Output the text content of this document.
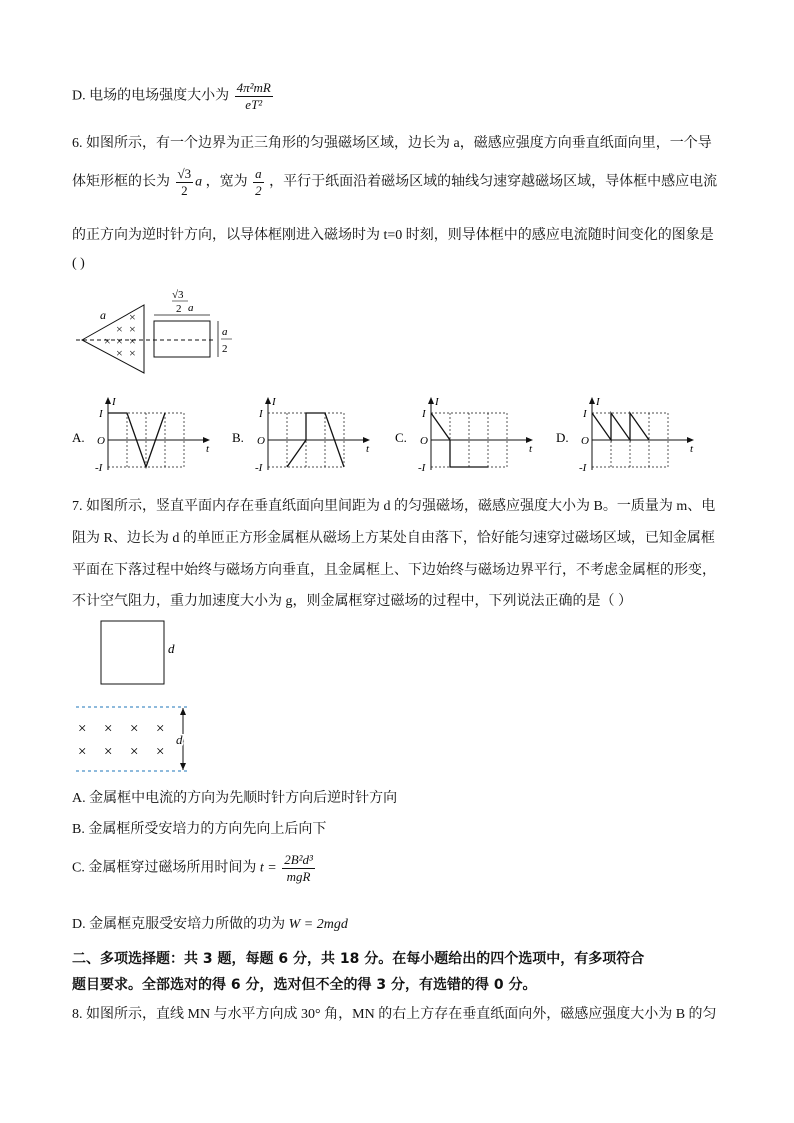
D. 电场的电场强度大小为 $\frac{\text{4π²mR}}{\text{eT²}}$
6. 如图所示，有一个边界为正三角形的匀强磁场区域，边长为 a，磁感应强度方向垂直纸面向里，一个导
体矩形框的长为 $\frac{√3}{2}$ a ，宽为 $\frac{a}{2}$ ，平行于纸面沿着磁场区域的轴线匀速穿越磁场区域，导体框中感应电流
的正方向为逆时针方向，以导体框刚进入磁场时为 t=0 时刻，则导体框中的感应电流随时间变化的图象是
( )
a ×
× ×
× × ×
× ×
√3
2 a
a
2
A.
I
t
I
O
-I
B.
I
t
I
O
-I
C.
I
t
I
O
-I
D.
I
t
I
O
-I
7. 如图所示，竖直平面内存在垂直纸面向里间距为 d 的匀强磁场，磁感应强度大小为 B。一质量为 m、电
阻为 R、边长为 d 的单匝正方形金属框从磁场上方某处自由落下，恰好能匀速穿过磁场区域，已知金属框
平面在下落过程中始终与磁场方向垂直，且金属框上、下边始终与磁场边界平行，不考虑金属框的形变，
不计空气阻力，重力加速度大小为 g，则金属框穿过磁场的过程中，下列说法正确的是（ ）
d
× × × ×
× × × ×
d
A. 金属框中电流的方向为先顺时针方向后逆时针方向
B. 金属框所受安培力的方向先向上后向下
C. 金属框穿过磁场所用时间为 $t = \frac{\text{2B²d³}}{\text{mgR}}$
D. 金属框克服受安培力所做的功为 W = 2mgd
二、多项选择题：共 3 题，每题 6 分，共 18 分。在每小题给出的四个选项中，有多项符合
题目要求。全部选对的得 6 分，选对但不全的得 3 分，有选错的得 0 分。
8. 如图所示，直线 MN 与水平方向成 30° 角，MN 的右上方存在垂直纸面向外，磁感应强度大小为 B 的匀
